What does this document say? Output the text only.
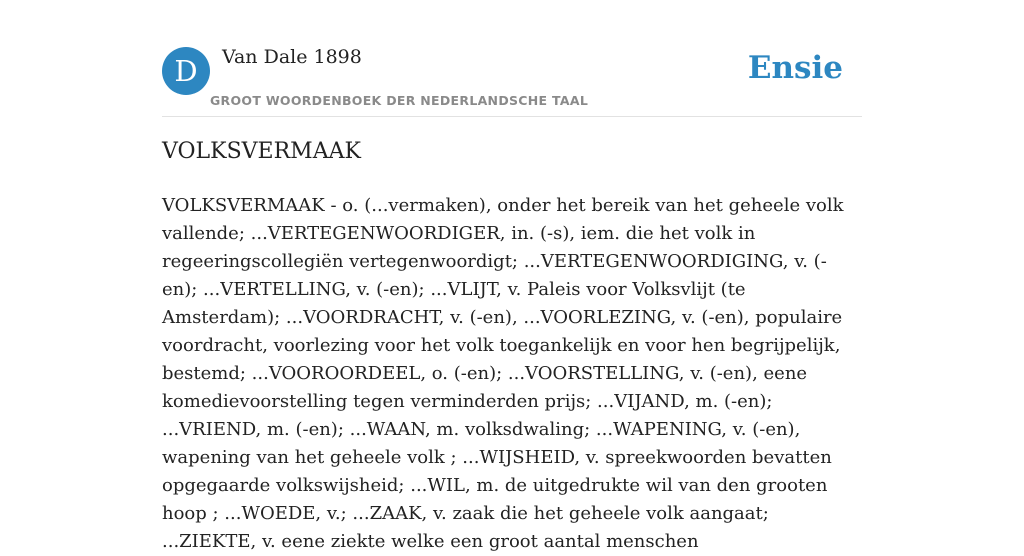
D	Van Dale 1898
GROOT WOORDENBOEK DER NEDERLANDSCHE TAAL
Ensie
VOLKSVERMAAK

VOLKSVERMAAK - o. (...vermaken), onder het bereik van het geheele volk vallende; ...VERTEGENWOORDIGER, in. (-s), iem. die het volk in regeeringscollegiën vertegenwoordigt; ...VERTEGENWOORDIGING, v. (-en); ...VERTELLING, v. (-en); ...VLIJT, v. Paleis voor Volksvlijt (te Amsterdam); ...VOORDRACHT, v. (-en), ...VOORLEZING, v. (-en), populaire voordracht, voorlezing voor het volk toegankelijk en voor hen begrijpelijk, bestemd; ...VOOROORDEEL, o. (-en); ...VOORSTELLING, v. (-en), eene komedievoorstelling tegen verminderden prijs; ...VIJAND, m. (-en); ...VRIEND, m. (-en); ...WAAN, m. volksdwaling; ...WAPENING, v. (-en), wapening van het geheele volk ; ...WIJSHEID, v. spreekwoorden bevatten opgegaarde volkswijsheid; ...WIL, m. de uitgedrukte wil van den grooten hoop ; ...WOEDE, v.; ...ZAAK, v. zaak die het geheele volk aangaat; ...ZIEKTE, v. eene ziekte welke een groot aantal menschen
